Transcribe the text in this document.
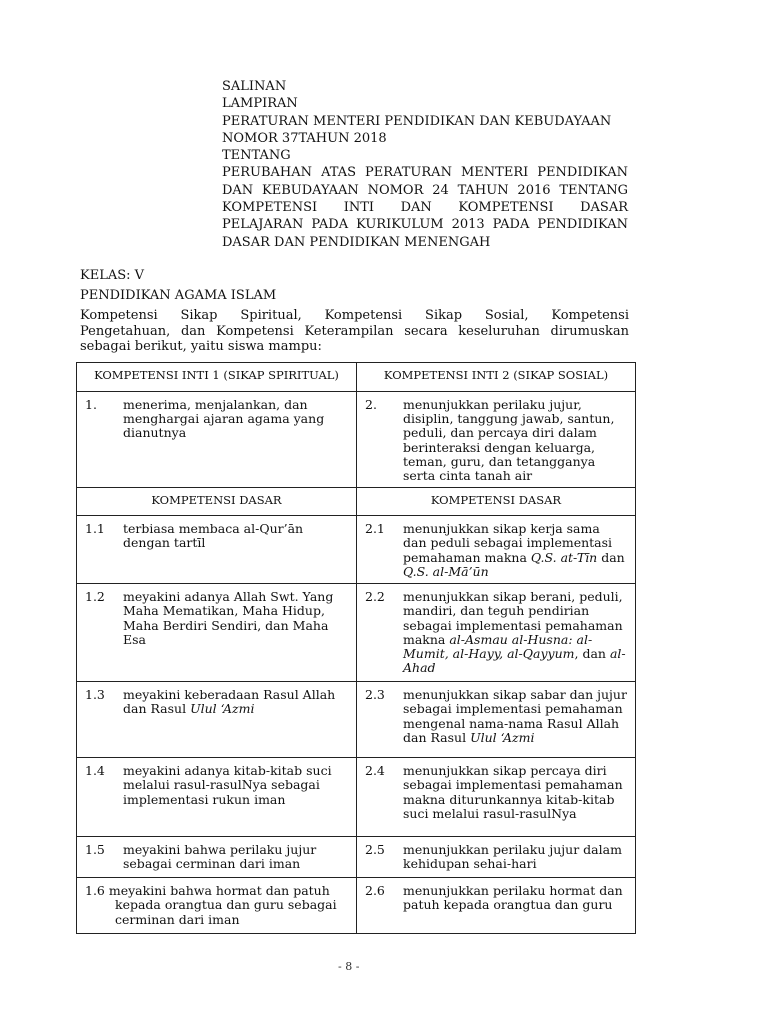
SALINAN
LAMPIRAN
PERATURAN MENTERI PENDIDIKAN DAN KEBUDAYAAN
NOMOR 37TAHUN 2018
TENTANG
PERUBAHAN ATAS PERATURAN MENTERI PENDIDIKAN
DAN KEBUDAYAAN NOMOR 24 TAHUN 2016 TENTANG
KOMPETENSI INTI DAN KOMPETENSI DASAR
PELAJARAN PADA KURIKULUM 2013 PADA PENDIDIKAN
DASAR DAN PENDIDIKAN MENENGAH
KELAS: V
PENDIDIKAN AGAMA ISLAM
Kompetensi Sikap Spiritual, Kompetensi Sikap Sosial, Kompetensi
Pengetahuan, dan Kompetensi Keterampilan secara keseluruhan dirumuskan
sebagai berikut, yaitu siswa mampu:
KOMPETENSI INTI 1 (SIKAP SPIRITUAL)	KOMPETENSI INTI 2 (SIKAP SOSIAL)

1. menerima, menjalankan, dan menghargai ajaran agama yang dianutnya	2. menunjukkan perilaku jujur, disiplin, tanggung jawab, santun, peduli, dan percaya diri dalam berinteraksi dengan keluarga, teman, guru, dan tetangganya serta cinta tanah air

KOMPETENSI DASAR	KOMPETENSI DASAR

1.1 terbiasa membaca al-Qur’ān dengan tartīl	2.1 menunjukkan sikap kerja sama dan peduli sebagai implementasi pemahaman makna Q.S. at-Tīn dan Q.S. al-Mā’ūn

1.2 meyakini adanya Allah Swt. Yang Maha Mematikan, Maha Hidup, Maha Berdiri Sendiri, dan Maha Esa	2.2 menunjukkan sikap berani, peduli, mandiri, dan teguh pendirian sebagai implementasi pemahaman makna al-Asmau al-Husna: al-Mumit, al-Hayy, al-Qayyum, dan al- Ahad

1.3 meyakini keberadaan Rasul Allah dan Rasul Ulul ‘Azmi	2.3 menunjukkan sikap sabar dan jujur sebagai implementasi pemahaman mengenal nama-nama Rasul Allah dan Rasul Ulul ‘Azmi

1.4 meyakini adanya kitab-kitab suci melalui rasul-rasulNya sebagai implementasi rukun iman	2.4 menunjukkan sikap percaya diri sebagai implementasi pemahaman makna diturunkannya kitab-kitab suci melalui rasul-rasulNya

1.5 meyakini bahwa perilaku jujur sebagai cerminan dari iman	2.5 menunjukkan perilaku jujur dalam kehidupan sehai-hari

1.6 meyakini bahwa hormat dan patuh kepada orangtua dan guru sebagai cerminan dari iman	2.6 menunjukkan perilaku hormat dan patuh kepada orangtua dan guru
- 8 -
